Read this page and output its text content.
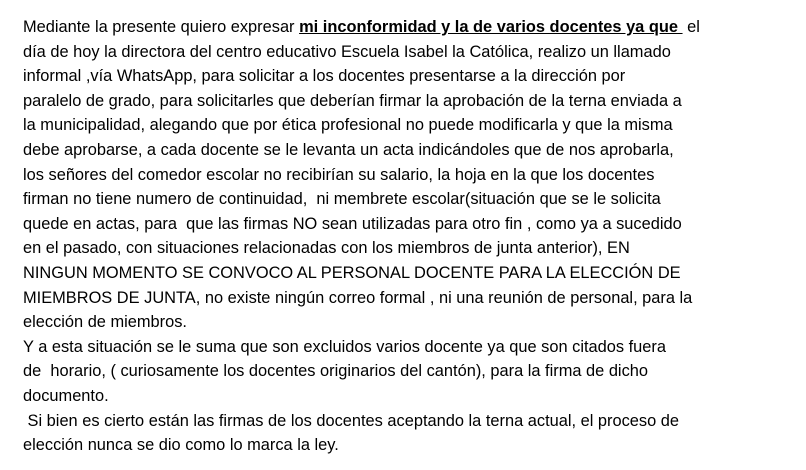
Mediante la presente quiero expresar mi inconformidad y la de varios docentes ya que  el
día de hoy la directora del centro educativo Escuela Isabel la Católica, realizo un llamado
informal ,vía WhatsApp, para solicitar a los docentes presentarse a la dirección por
paralelo de grado, para solicitarles que deberían firmar la aprobación de la terna enviada a
la municipalidad, alegando que por ética profesional no puede modificarla y que la misma
debe aprobarse, a cada docente se le levanta un acta indicándoles que de nos aprobarla,
los señores del comedor escolar no recibirían su salario, la hoja en la que los docentes
firman no tiene numero de continuidad,  ni membrete escolar(situación que se le solicita
quede en actas, para  que las firmas NO sean utilizadas para otro fin , como ya a sucedido
en el pasado, con situaciones relacionadas con los miembros de junta anterior), EN
NINGUN MOMENTO SE CONVOCO AL PERSONAL DOCENTE PARA LA ELECCIÓN DE
MIEMBROS DE JUNTA, no existe ningún correo formal , ni una reunión de personal, para la
elección de miembros.
Y a esta situación se le suma que son excluidos varios docente ya que son citados fuera
de  horario, ( curiosamente los docentes originarios del cantón), para la firma de dicho
documento.
Si bien es cierto están las firmas de los docentes aceptando la terna actual, el proceso de
elección nunca se dio como lo marca la ley.
